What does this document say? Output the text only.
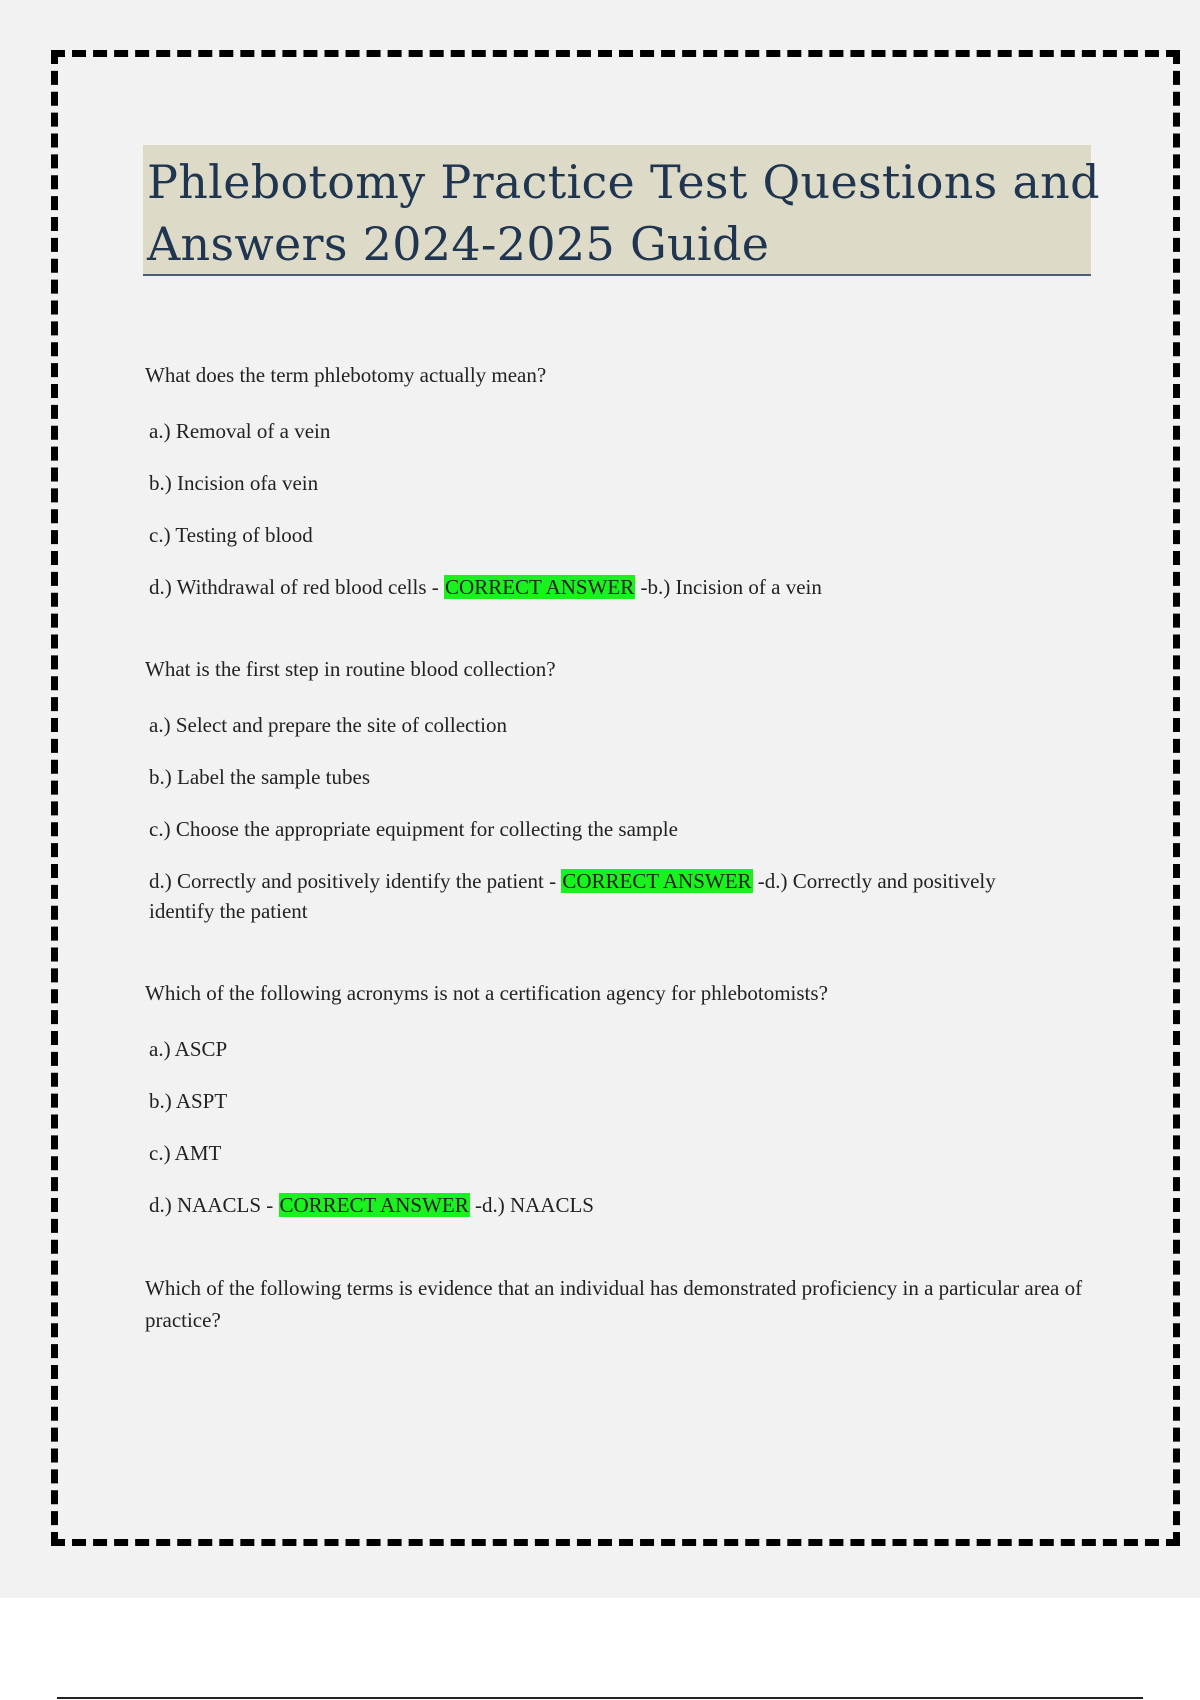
Phlebotomy Practice Test Questions and
Answers 2024-2025 Guide

What does the term phlebotomy actually mean?

a.) Removal of a vein

b.) Incision ofa vein

c.) Testing of blood

d.) Withdrawal of red blood cells - CORRECT ANSWER -b.) Incision of a vein

What is the first step in routine blood collection?

a.) Select and prepare the site of collection

b.) Label the sample tubes

c.) Choose the appropriate equipment for collecting the sample

d.) Correctly and positively identify the patient - CORRECT ANSWER -d.) Correctly and positively identify the patient

Which of the following acronyms is not a certification agency for phlebotomists?

a.) ASCP

b.) ASPT

c.) AMT

d.) NAACLS - CORRECT ANSWER -d.) NAACLS

Which of the following terms is evidence that an individual has demonstrated proficiency in a particular area of practice?
